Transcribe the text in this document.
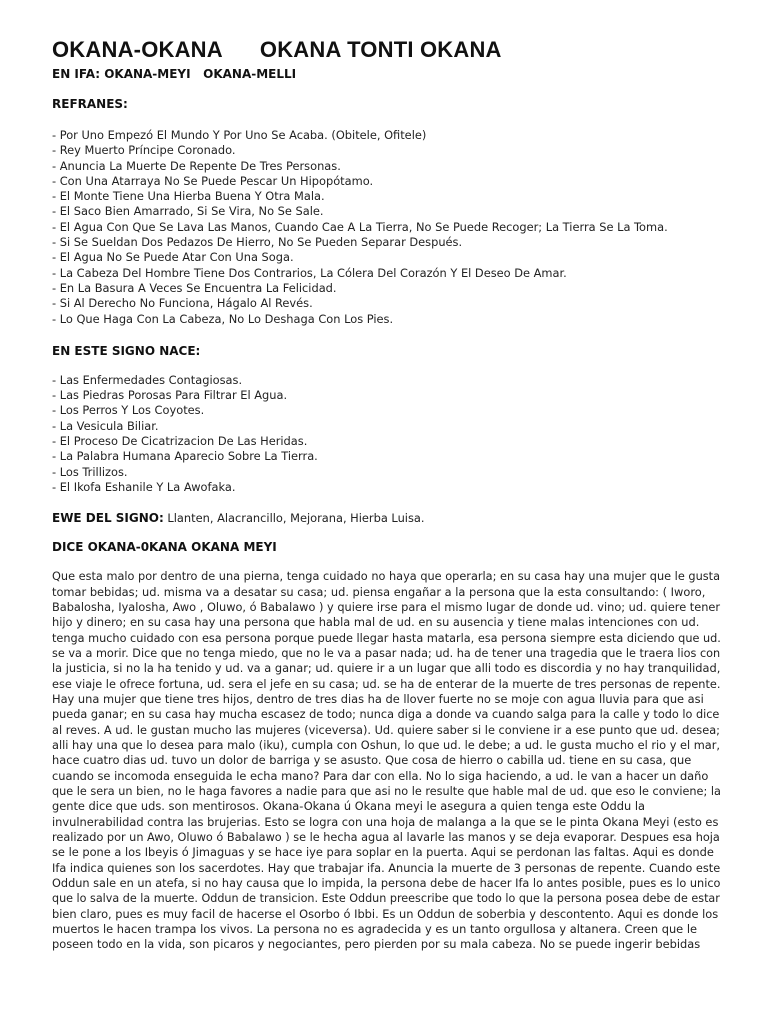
OKANA-OKANA      OKANA TONTI OKANA
EN IFA: OKANA-MEYI   OKANA-MELLI
REFRANES:
- Por Uno Empezó El Mundo Y Por Uno Se Acaba. (Obitele, Ofitele)
- Rey Muerto Príncipe Coronado.
- Anuncia La Muerte De Repente De Tres Personas.
- Con Una Atarraya No Se Puede Pescar Un Hipopótamo.
- El Monte Tiene Una Hierba Buena Y Otra Mala.
- El Saco Bien Amarrado, Si Se Vira, No Se Sale.
- El Agua Con Que Se Lava Las Manos, Cuando Cae A La Tierra, No Se Puede Recoger; La Tierra Se La Toma.
- Si Se Sueldan Dos Pedazos De Hierro, No Se Pueden Separar Después.
- El Agua No Se Puede Atar Con Una Soga.
- La Cabeza Del Hombre Tiene Dos Contrarios, La Cólera Del Corazón Y El Deseo De Amar.
- En La Basura A Veces Se Encuentra La Felicidad.
- Si Al Derecho No Funciona, Hágalo Al Revés.
- Lo Que Haga Con La Cabeza, No Lo Deshaga Con Los Pies.
EN ESTE SIGNO NACE:
- Las Enfermedades Contagiosas.
- Las Piedras Porosas Para Filtrar El Agua.
- Los Perros Y Los Coyotes.
- La Vesicula Biliar.
- El Proceso De Cicatrizacion De Las Heridas.
- La Palabra Humana Aparecio Sobre La Tierra.
- Los Trillizos.
- El Ikofa Eshanile Y La Awofaka.
EWE DEL SIGNO: Llanten, Alacrancillo, Mejorana, Hierba Luisa.
DICE OKANA-0KANA OKANA MEYI
Que esta malo por dentro de una pierna, tenga cuidado no haya que operarla; en su casa hay una mujer que le gusta
tomar bebidas; ud. misma va a desatar su casa; ud. piensa engañar a la persona que la esta consultando: ( Iworo,
Babalosha, Iyalosha, Awo , Oluwo, ó Babalawo ) y quiere irse para el mismo lugar de donde ud. vino; ud. quiere tener
hijo y dinero; en su casa hay una persona que habla mal de ud. en su ausencia y tiene malas intenciones con ud.
tenga mucho cuidado con esa persona porque puede llegar hasta matarla, esa persona siempre esta diciendo que ud.
se va a morir. Dice que no tenga miedo, que no le va a pasar nada; ud. ha de tener una tragedia que le traera lios con
la justicia, si no la ha tenido y ud. va a ganar; ud. quiere ir a un lugar que alli todo es discordia y no hay tranquilidad,
ese viaje le ofrece fortuna, ud. sera el jefe en su casa; ud. se ha de enterar de la muerte de tres personas de repente.
Hay una mujer que tiene tres hijos, dentro de tres dias ha de llover fuerte no se moje con agua lluvia para que asi
pueda ganar; en su casa hay mucha escasez de todo; nunca diga a donde va cuando salga para la calle y todo lo dice
al reves. A ud. le gustan mucho las mujeres (viceversa). Ud. quiere saber si le conviene ir a ese punto que ud. desea;
alli hay una que lo desea para malo (iku), cumpla con Oshun, lo que ud. le debe; a ud. le gusta mucho el rio y el mar,
hace cuatro dias ud. tuvo un dolor de barriga y se asusto. Que cosa de hierro o cabilla ud. tiene en su casa, que
cuando se incomoda enseguida le echa mano? Para dar con ella. No lo siga haciendo, a ud. le van a hacer un daño
que le sera un bien, no le haga favores a nadie para que asi no le resulte que hable mal de ud. que eso le conviene; la
gente dice que uds. son mentirosos. Okana-Okana ú Okana meyi le asegura a quien tenga este Oddu la
invulnerabilidad contra las brujerias. Esto se logra con una hoja de malanga a la que se le pinta Okana Meyi (esto es
realizado por un Awo, Oluwo ó Babalawo ) se le hecha agua al lavarle las manos y se deja evaporar. Despues esa hoja
se le pone a los Ibeyis ó Jimaguas y se hace iye para soplar en la puerta. Aqui se perdonan las faltas. Aqui es donde
Ifa indica quienes son los sacerdotes. Hay que trabajar ifa. Anuncia la muerte de 3 personas de repente. Cuando este
Oddun sale en un atefa, si no hay causa que lo impida, la persona debe de hacer Ifa lo antes posible, pues es lo unico
que lo salva de la muerte. Oddun de transicion. Este Oddun preescribe que todo lo que la persona posea debe de estar
bien claro, pues es muy facil de hacerse el Osorbo ó Ibbi. Es un Oddun de soberbia y descontento. Aqui es donde los
muertos le hacen trampa los vivos. La persona no es agradecida y es un tanto orgullosa y altanera. Creen que le
poseen todo en la vida, son picaros y negociantes, pero pierden por su mala cabeza. No se puede ingerir bebidas
